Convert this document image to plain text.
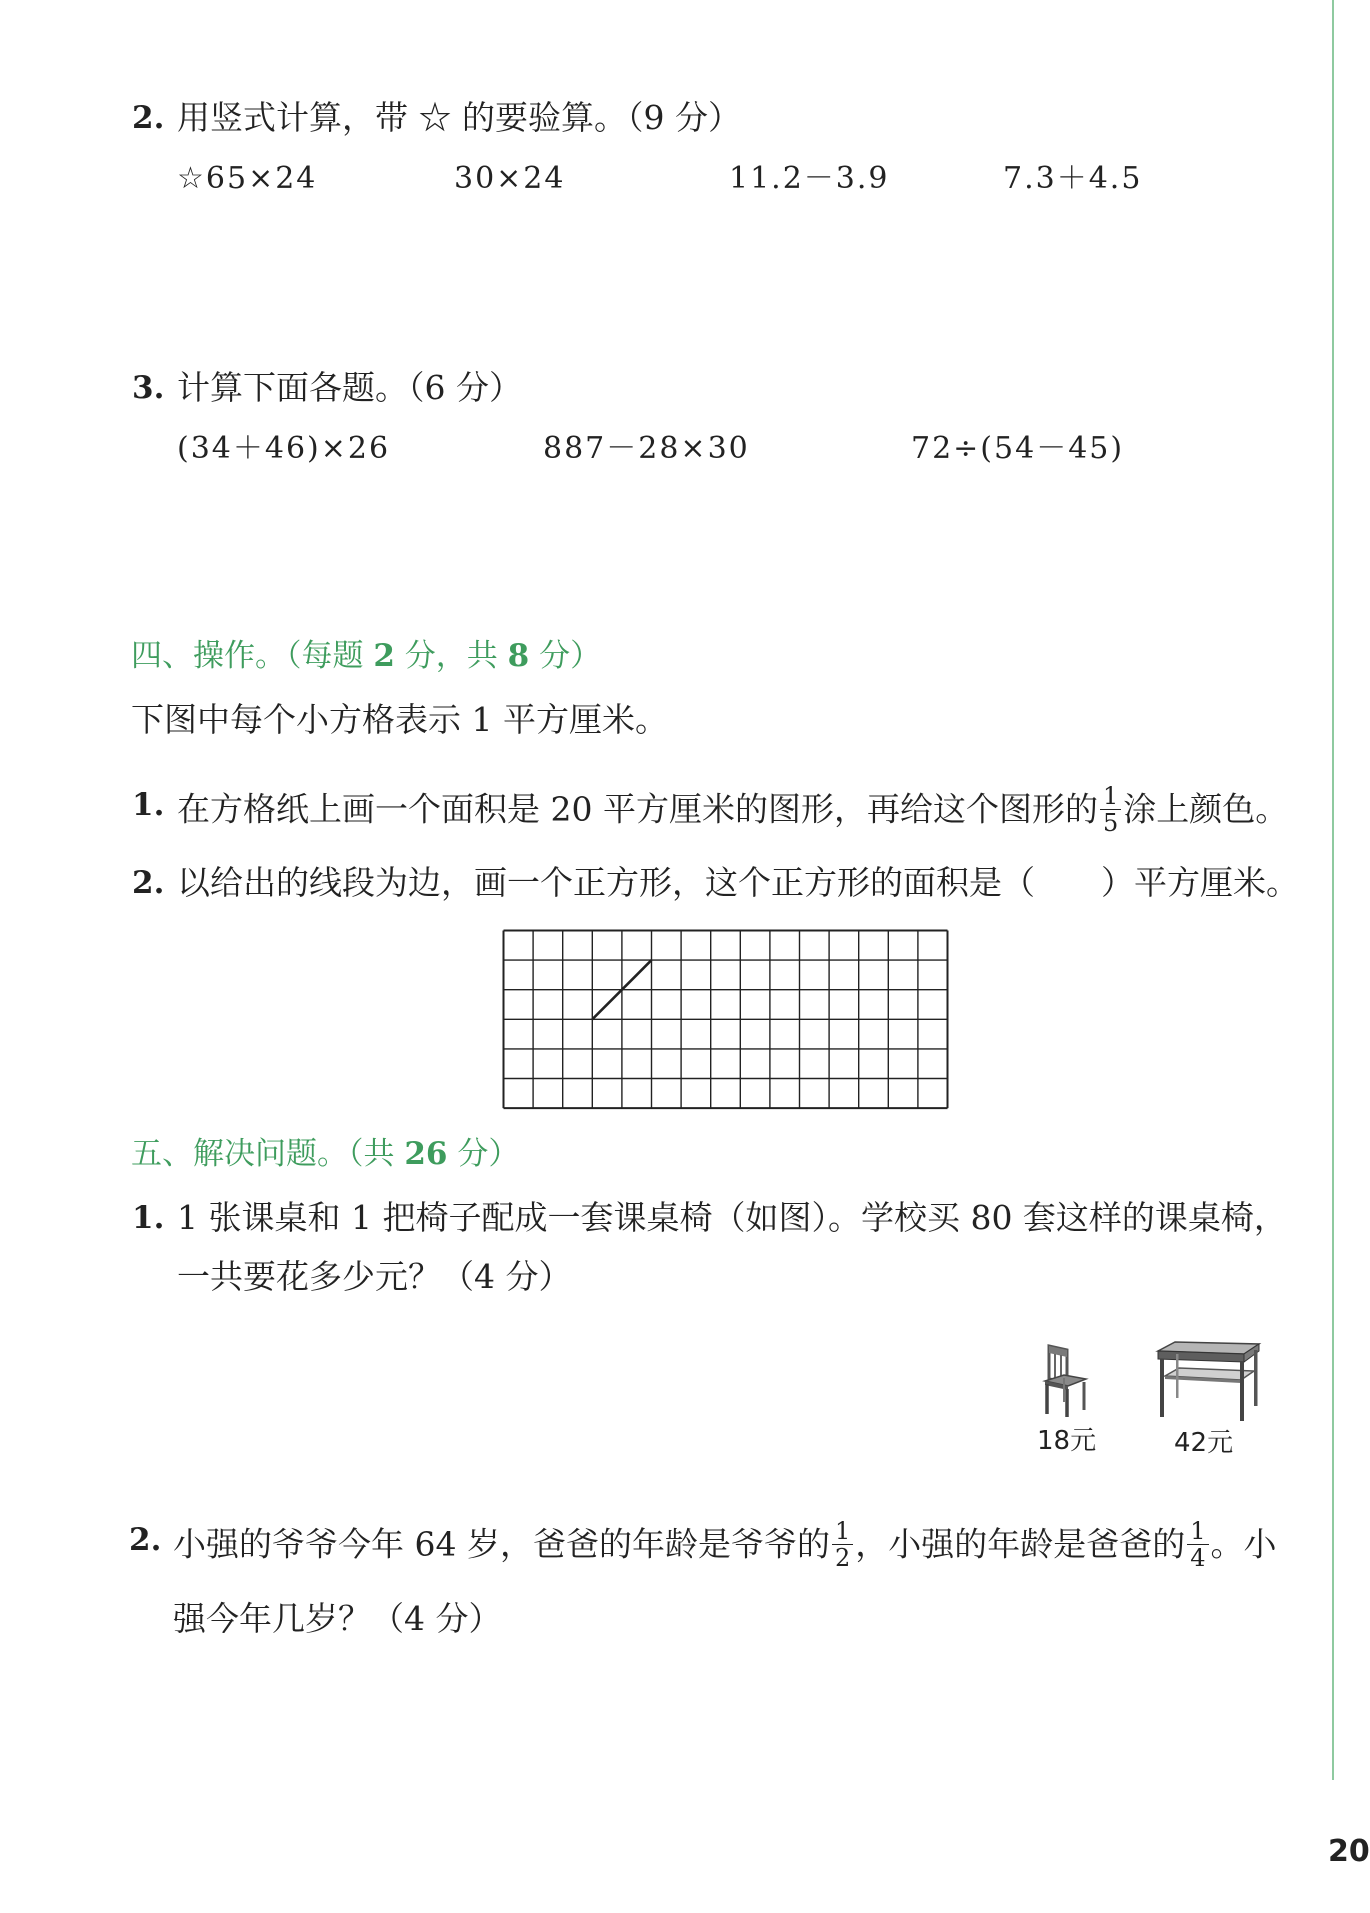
2. 用竖式计算，带 ☆ 的要验算。（9 分）
☆65×24	30×24	11.2－3.9	7.3＋4.5
3. 计算下面各题。（6 分）
(34＋46)×26	887－28×30	72÷(54－45)
四、操作。（每题 2 分，共 8 分）
下图中每个小方格表示 1 平方厘米。
1. 在方格纸上画一个面积是 20 平方厘米的图形，再给这个图形的 $\frac{1}{5}$ 涂上颜色。
2. 以给出的线段为边，画一个正方形，这个正方形的面积是（　　）平方厘米。
五、解决问题。（共 26 分）
1. 1 张课桌和 1 把椅子配成一套课桌椅（如图）。学校买 80 套这样的课桌椅，
一共要花多少元？（4 分）
18元	42元
2. 小强的爷爷今年 64 岁，爸爸的年龄是爷爷的 $\frac{1}{2}$ ，小强的年龄是爸爸的 $\frac{1}{4}$ 。小
强今年几岁？（4 分）
20
